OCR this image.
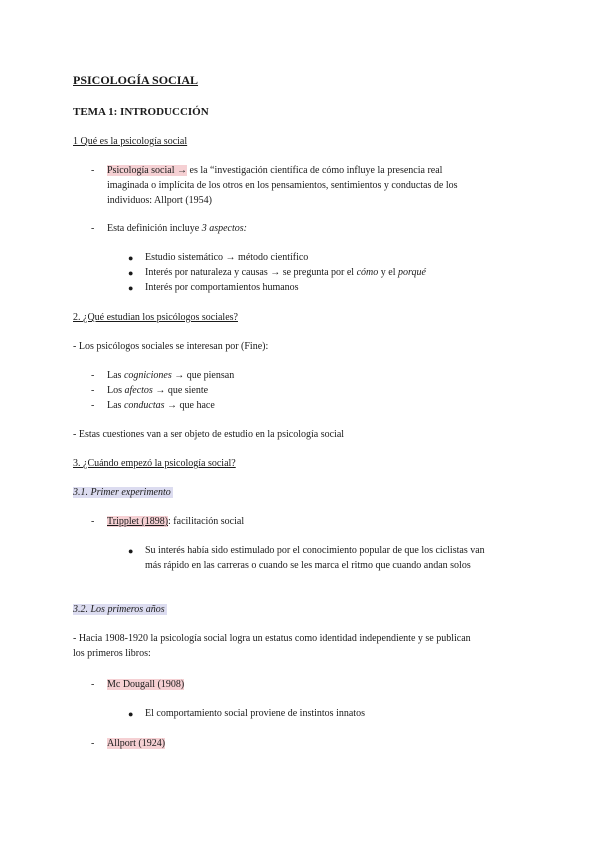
PSICOLOGÍA SOCIAL
TEMA 1: INTRODUCCIÓN
1 Qué es la psicología social
- Psicología social → es la “investigación científica de cómo influye la presencia real
imaginada o implícita de los otros en los pensamientos, sentimientos y conductas de los
individuos: Allport (1954)
- Esta definición incluye 3 aspectos:
● Estudio sistemático → método científico
● Interés por naturaleza y causas → se pregunta por el cómo y el porqué
● Interés por comportamientos humanos
2. ¿Qué estudian los psicólogos sociales?
- Los psicólogos sociales se interesan por (Fine):
- Las cogniciones → que piensan
- Los afectos → que siente
- Las conductas → que hace
- Estas cuestiones van a ser objeto de estudio en la psicología social
3. ¿Cuándo empezó la psicología social?
3.1. Primer experimento
- Tripplet (1898): facilitación social
● Su interés había sido estimulado por el conocimiento popular de que los ciclistas van
más rápido en las carreras o cuando se les marca el ritmo que cuando andan solos
3.2. Los primeros años
- Hacia 1908-1920 la psicología social logra un estatus como identidad independiente y se publican
los primeros libros:
- Mc Dougall (1908)
● El comportamiento social proviene de instintos innatos
- Allport (1924)
